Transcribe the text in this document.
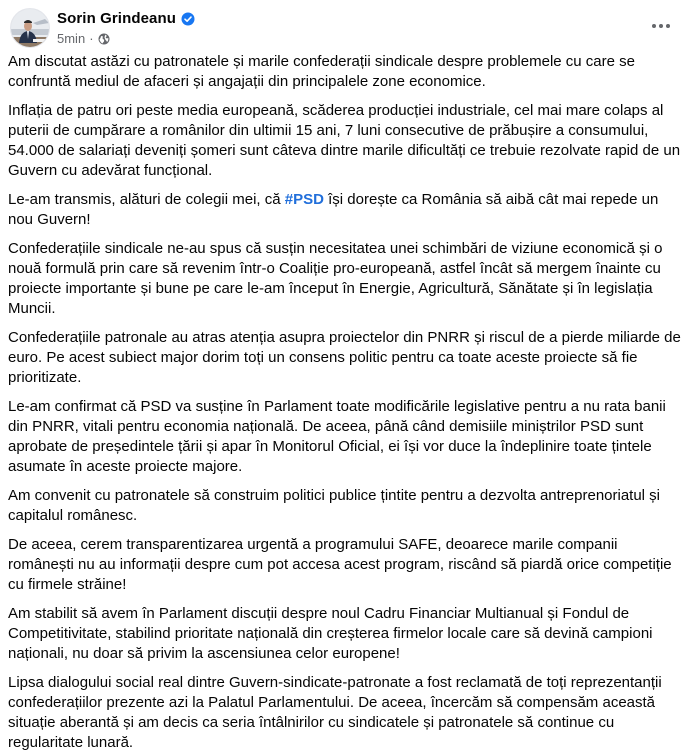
Sorin Grindeanu
5min ·

Am discutat astăzi cu patronatele și marile confederații sindicale despre problemele cu care se confruntă mediul de afaceri și angajații din principalele zone economice.

Inflația de patru ori peste media europeană, scăderea producției industriale, cel mai mare colaps al puterii de cumpărare a românilor din ultimii 15 ani, 7 luni consecutive de prăbușire a consumului, 54.000 de salariați deveniți șomeri sunt câteva dintre marile dificultăți ce trebuie rezolvate rapid de un Guvern cu adevărat funcțional.

Le-am transmis, alături de colegii mei, că #PSD își dorește ca România să aibă cât mai repede un nou Guvern!

Confederațiile sindicale ne-au spus că susțin necesitatea unei schimbări de viziune economică și o nouă formulă prin care să revenim într-o Coaliție pro-europeană, astfel încât să mergem înainte cu proiecte importante și bune pe care le-am început în Energie, Agricultură, Sănătate și în legislația Muncii.

Confederațiile patronale au atras atenția asupra proiectelor din PNRR și riscul de a pierde miliarde de euro. Pe acest subiect major dorim toți un consens politic pentru ca toate aceste proiecte să fie prioritizate.

Le-am confirmat că PSD va susține în Parlament toate modificările legislative pentru a nu rata banii din PNRR, vitali pentru economia națională. De aceea, până când demisiile miniștrilor PSD sunt aprobate de președintele țării și apar în Monitorul Oficial, ei își vor duce la îndeplinire toate țintele asumate în aceste proiecte majore.

Am convenit cu patronatele să construim politici publice țintite pentru a dezvolta antreprenoriatul și capitalul românesc.

De aceea, cerem transparentizarea urgentă a programului SAFE, deoarece marile companii românești nu au informații despre cum pot accesa acest program, riscând să piardă orice competiție cu firmele străine!

Am stabilit să avem în Parlament discuții despre noul Cadru Financiar Multianual și Fondul de Competitivitate, stabilind prioritate națională din creșterea firmelor locale care să devină campioni naționali, nu doar să privim la ascensiunea celor europene!

Lipsa dialogului social real dintre Guvern-sindicate-patronate a fost reclamată de toți reprezentanții confederațiilor prezente azi la Palatul Parlamentului. De aceea, încercăm să compensăm această situație aberantă și am decis ca seria întâlnirilor cu sindicatele și patronatele să continue cu regularitate lunară.
